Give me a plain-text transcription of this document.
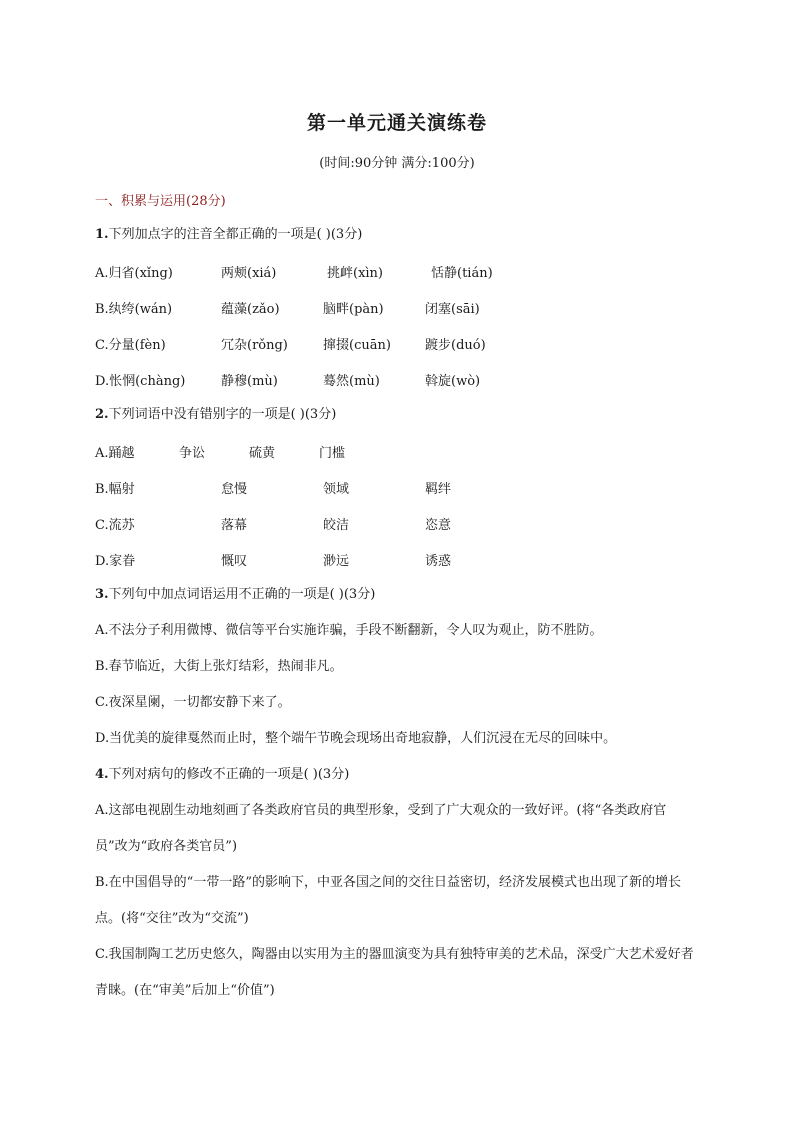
第一单元通关演练卷
(时间:90分钟 满分:100分)
一、积累与运用(28分)
1.下列加点字的注音全都正确的一项是( )(3分)
A.归省(xǐng)	两颊(xiá)	挑衅(xìn)	恬静(tián)
B.纨绔(wán)	蕴藻(zǎo)	脑畔(pàn)	闭塞(sāi)
C.分量(fèn)	冗杂(rǒng)	撺掇(cuān)	踱步(duó)
D.怅惘(chàng)	静穆(mù)	蓦然(mù)	斡旋(wò)
2.下列词语中没有错别字的一项是( )(3分)
A.踊越	争讼	硫黄	门槛
B.幅射	怠慢	领域	羁绊
C.流苏	落幕	皎洁	恣意
D.家眷	慨叹	渺远	诱惑
3.下列句中加点词语运用不正确的一项是( )(3分)
A.不法分子利用微博、微信等平台实施诈骗，手段不断翻新，令人叹为观止，防不胜防。
B.春节临近，大街上张灯结彩，热闹非凡。
C.夜深星阑，一切都安静下来了。
D.当优美的旋律戛然而止时，整个端午节晚会现场出奇地寂静，人们沉浸在无尽的回味中。
4.下列对病句的修改不正确的一项是( )(3分)
A.这部电视剧生动地刻画了各类政府官员的典型形象，受到了广大观众的一致好评。(将“各类政府官员”改为“政府各类官员”)
B.在中国倡导的“一带一路”的影响下，中亚各国之间的交往日益密切，经济发展模式也出现了新的增长点。(将“交往”改为“交流”)
C.我国制陶工艺历史悠久，陶器由以实用为主的器皿演变为具有独特审美的艺术品，深受广大艺术爱好者青睐。(在“审美”后加上“价值”)
